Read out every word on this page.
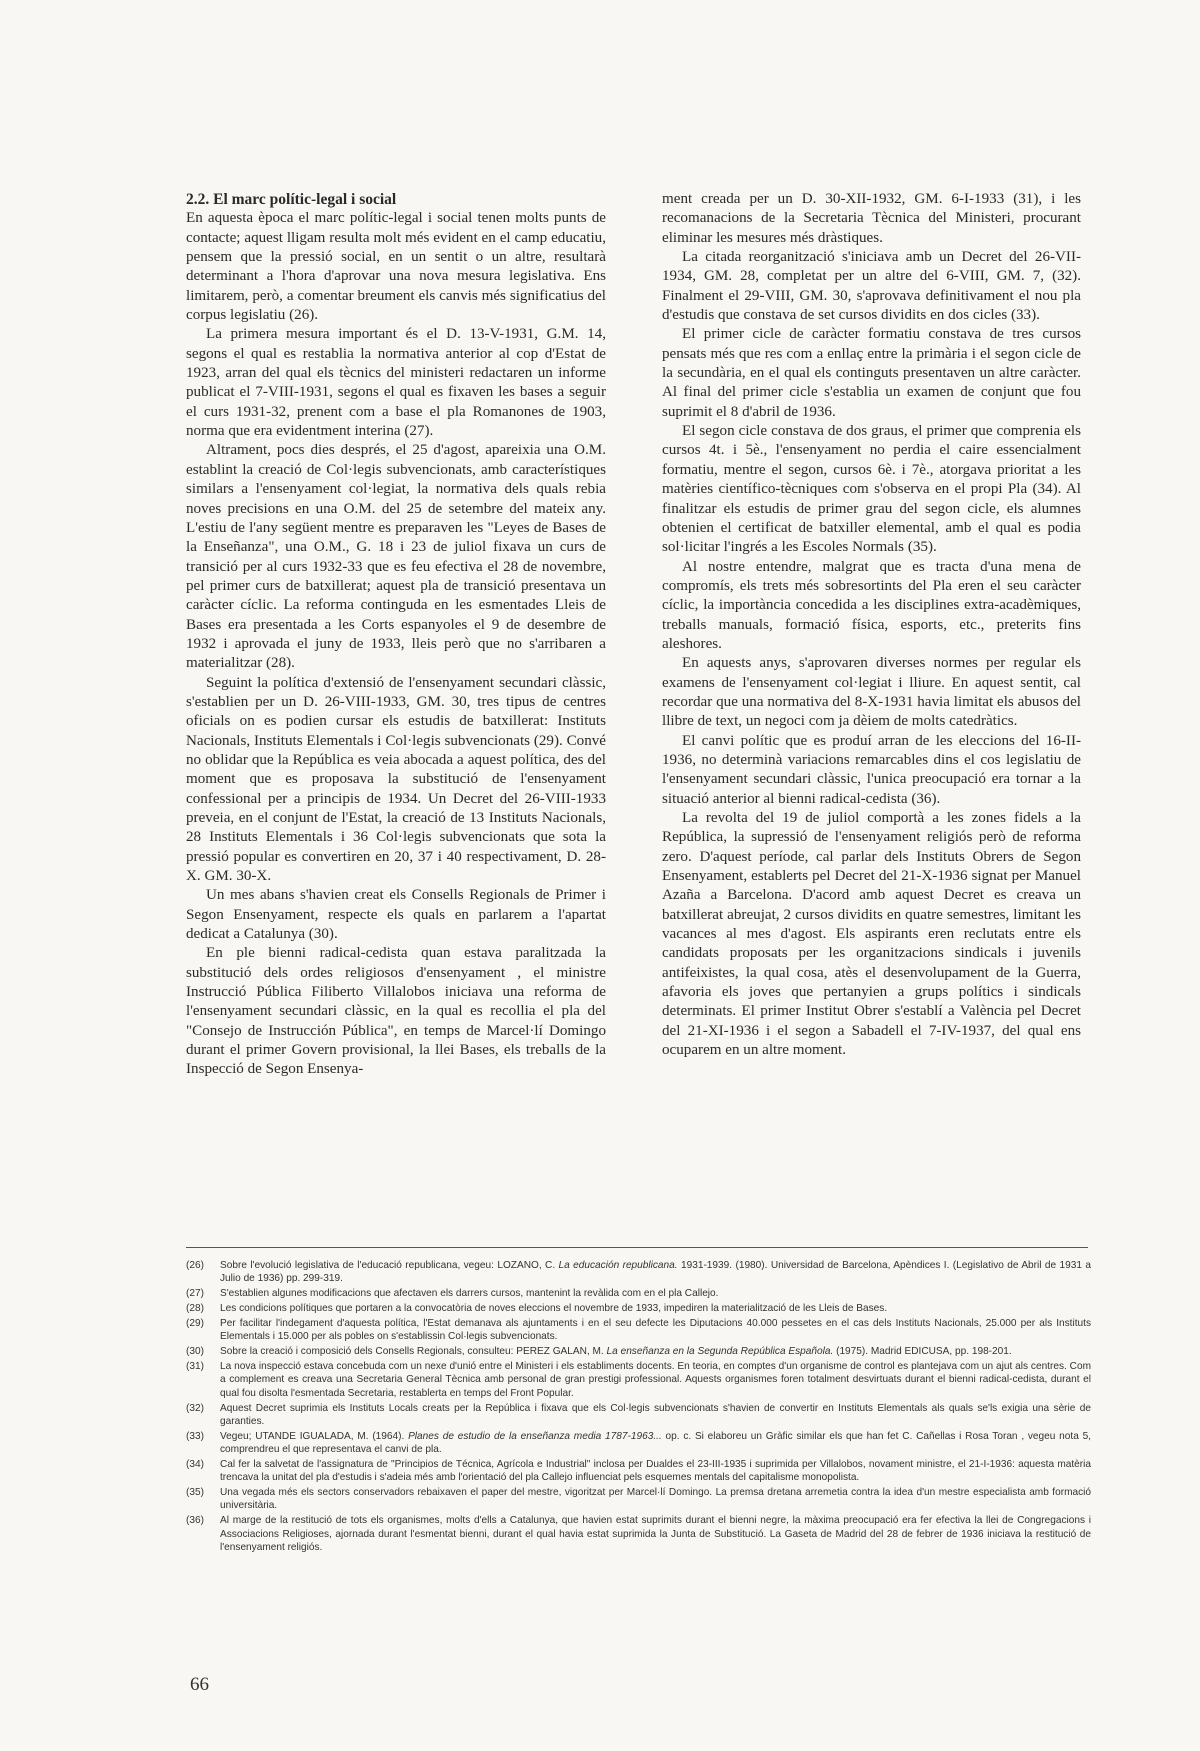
2.2. El marc polític-legal i social

En aquesta època el marc polític-legal i social tenen molts punts de contacte; aquest lligam resulta molt més evident en el camp educatiu, pensem que la pressió social, en un sentit o un altre, resultarà determinant a l'hora d'aprovar una nova mesura legislativa. Ens limitarem, però, a comentar breument els canvis més significatius del corpus legislatiu (26).

La primera mesura important és el D. 13-V-1931, G.M. 14, segons el qual es restablia la normativa anterior al cop d'Estat de 1923, arran del qual els tècnics del ministeri redactaren un informe publicat el 7-VIII-1931, segons el qual es fixaven les bases a seguir el curs 1931-32, prenent com a base el pla Romanones de 1903, norma que era evidentment interina (27).

Altrament, pocs dies després, el 25 d'agost, apareixia una O.M. establint la creació de Col·legis subvencionats, amb característiques similars a l'ensenyament col·legiat, la normativa dels quals rebia noves precisions en una O.M. del 25 de setembre del mateix any. L'estiu de l'any següent mentre es preparaven les "Leyes de Bases de la Enseñanza", una O.M., G. 18 i 23 de juliol fixava un curs de transició per al curs 1932-33 que es feu efectiva el 28 de novembre, pel primer curs de batxillerat; aquest pla de transició presentava un caràcter cíclic. La reforma continguda en les esmentades Lleis de Bases era presentada a les Corts espanyoles el 9 de desembre de 1932 i aprovada el juny de 1933, lleis però que no s'arribaren a materialitzar (28).

Seguint la política d'extensió de l'ensenyament secundari clàssic, s'establien per un D. 26-VIII-1933, GM. 30, tres tipus de centres oficials on es podien cursar els estudis de batxillerat: Instituts Nacionals, Instituts Elementals i Col·legis subvencionats (29). Convé no oblidar que la República es veia abocada a aquest política, des del moment que es proposava la substitució de l'ensenyament confessional per a principis de 1934. Un Decret del 26-VIII-1933 preveia, en el conjunt de l'Estat, la creació de 13 Instituts Nacionals, 28 Instituts Elementals i 36 Col·legis subvencionats que sota la pressió popular es convertiren en 20, 37 i 40 respectivament, D. 28-X. GM. 30-X.

Un mes abans s'havien creat els Consells Regionals de Primer i Segon Ensenyament, respecte els quals en parlarem a l'apartat dedicat a Catalunya (30).

En ple bienni radical-cedista quan estava paralitzada la substitució dels ordes religiosos d'ensenyament , el ministre Instrucció Pública Filiberto Villalobos iniciava una reforma de l'ensenyament secundari clàssic, en la qual es recollia el pla del "Consejo de Instrucción Pública", en temps de Marcel·lí Domingo durant el primer Govern provisional, la llei Bases, els treballs de la Inspecció de Segon Ensenya-

ment creada per un D. 30-XII-1932, GM. 6-I-1933 (31), i les recomanacions de la Secretaria Tècnica del Ministeri, procurant eliminar les mesures més dràstiques.

La citada reorganització s'iniciava amb un Decret del 26-VII-1934, GM. 28, completat per un altre del 6-VIII, GM. 7, (32). Finalment el 29-VIII, GM. 30, s'aprovava definitivament el nou pla d'estudis que constava de set cursos dividits en dos cicles (33).

El primer cicle de caràcter formatiu constava de tres cursos pensats més que res com a enllaç entre la primària i el segon cicle de la secundària, en el qual els continguts presentaven un altre caràcter. Al final del primer cicle s'establia un examen de conjunt que fou suprimit el 8 d'abril de 1936.

El segon cicle constava de dos graus, el primer que comprenia els cursos 4t. i 5è., l'ensenyament no perdia el caire essencialment formatiu, mentre el segon, cursos 6è. i 7è., atorgava prioritat a les matèries científico-tècniques com s'observa en el propi Pla (34). Al finalitzar els estudis de primer grau del segon cicle, els alumnes obtenien el certificat de batxiller elemental, amb el qual es podia sol·licitar l'ingrés a les Escoles Normals (35).

Al nostre entendre, malgrat que es tracta d'una mena de compromís, els trets més sobresortints del Pla eren el seu caràcter cíclic, la importància concedida a les disciplines extra-acadèmiques, treballs manuals, formació física, esports, etc., preterits fins aleshores.

En aquests anys, s'aprovaren diverses normes per regular els examens de l'ensenyament col·legiat i lliure. En aquest sentit, cal recordar que una normativa del 8-X-1931 havia limitat els abusos del llibre de text, un negoci com ja dèiem de molts catedràtics.

El canvi polític que es produí arran de les eleccions del 16-II-1936, no determinà variacions remarcables dins el cos legislatiu de l'ensenyament secundari clàssic, l'unica preocupació era tornar a la situació anterior al bienni radical-cedista (36).

La revolta del 19 de juliol comportà a les zones fidels a la República, la supressió de l'ensenyament religiós però de reforma zero. D'aquest període, cal parlar dels Instituts Obrers de Segon Ensenyament, establerts pel Decret del 21-X-1936 signat per Manuel Azaña a Barcelona. D'acord amb aquest Decret es creava un batxillerat abreujat, 2 cursos dividits en quatre semestres, limitant les vacances al mes d'agost. Els aspirants eren reclutats entre els candidats proposats per les organitzacions sindicals i juvenils antifeixistes, la qual cosa, atès el desenvolupament de la Guerra, afavoria els joves que pertanyien a grups polítics i sindicals determinats. El primer Institut Obrer s'establí a València pel Decret del 21-XI-1936 i el segon a Sabadell el 7-IV-1937, del qual ens ocuparem en un altre moment.

(26)	Sobre l'evolució legislativa de l'educació republicana, vegeu: LOZANO, C. La educación republicana. 1931-1939. (1980). Universidad de Barcelona, Apèndices I. (Legislativo de Abril de 1931 a Julio de 1936) pp. 299-319.
(27)	S'establien algunes modificacions que afectaven els darrers cursos, mantenint la revàlida com en el pla Callejo.
(28)	Les condicions polítiques que portaren a la convocatòria de noves eleccions el novembre de 1933, impediren la materialització de les Lleis de Bases.
(29)	Per facilitar l'indegament d'aquesta política, l'Estat demanava als ajuntaments i en el seu defecte les Diputacions 40.000 pessetes en el cas dels Instituts Nacionals, 25.000 per als Instituts Elementals i 15.000 per als pobles on s'establissin Col·legis subvencionats.
(30)	Sobre la creació i composició dels Consells Regionals, consulteu: PEREZ GALAN, M. La enseñanza en la Segunda República Española. (1975). Madrid EDICUSA, pp. 198-201.
(31)	La nova inspecció estava concebuda com un nexe d'unió entre el Ministeri i els establiments docents. En teoria, en comptes d'un organisme de control es plantejava com un ajut als centres. Com a complement es creava una Secretaria General Tècnica amb personal de gran prestigi professional. Aquests organismes foren totalment desvirtuats durant el bienni radical-cedista, durant el qual fou disolta l'esmentada Secretaria, restablerta en temps del Front Popular.
(32)	Aquest Decret suprimia els Instituts Locals creats per la República i fixava que els Col·legis subvencionats s'havien de convertir en Instituts Elementals als quals se'ls exigia una sèrie de garanties.
(33)	Vegeu; UTANDE IGUALADA, M. (1964). Planes de estudio de la enseñanza media 1787-1963... op. c. Si elaboreu un Gràfic similar els que han fet C. Cañellas i Rosa Toran , vegeu nota 5, comprendreu el que representava el canvi de pla.
(34)	Cal fer la salvetat de l'assignatura de "Principios de Técnica, Agrícola e Industrial" inclosa per Dualdes el 23-III-1935 i suprimida per Villalobos, novament ministre, el 21-I-1936: aquesta matèria trencava la unitat del pla d'estudis i s'adeia més amb l'orientació del pla Callejo influenciat pels esquemes mentals del capitalisme monopolista.
(35)	Una vegada més els sectors conservadors rebaixaven el paper del mestre, vigoritzat per Marcel·lí Domingo. La premsa dretana arremetia contra la idea d'un mestre especialista amb formació universitària.
(36)	Al marge de la restitució de tots els organismes, molts d'ells a Catalunya, que havien estat suprimits durant el bienni negre, la màxima preocupació era fer efectiva la llei de Congregacions i Associacions Religioses, ajornada durant l'esmentat bienni, durant el qual havia estat suprimida la Junta de Substitució. La Gaseta de Madrid del 28 de febrer de 1936 iniciava la restitució de l'ensenyament religiós.
66
